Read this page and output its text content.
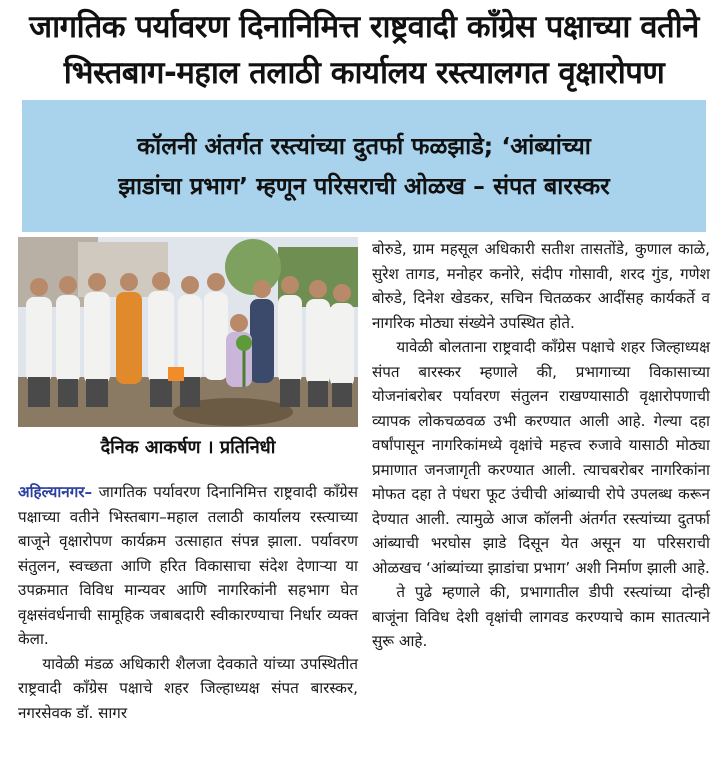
जागतिक पर्यावरण दिनानिमित्त राष्ट्रवादी काँग्रेस पक्षाच्या वतीने
भिस्तबाग-महाल तलाठी कार्यालय रस्त्यालगत वृक्षारोपण
कॉलनी अंतर्गत रस्त्यांच्या दुतर्फा फळझाडे; ‘आंब्यांच्या
झाडांचा प्रभाग’ म्हणून परिसराची ओळख – संपत बारस्कर
दैनिक आकर्षण । प्रतिनिधी

अहिल्यानगर– जागतिक पर्यावरण दिनानिमित्त राष्ट्रवादी काँग्रेस पक्षाच्या वतीने भिस्तबाग–महाल तलाठी कार्यालय रस्त्याच्या बाजूने वृक्षारोपण कार्यक्रम उत्साहात संपन्न झाला. पर्यावरण संतुलन, स्वच्छता आणि हरित विकासाचा संदेश देणाऱ्या या उपक्रमात विविध मान्यवर आणि नागरिकांनी सहभाग घेत वृक्षसंवर्धनाची सामूहिक जबाबदारी स्वीकारण्याचा निर्धार व्यक्त केला.

यावेळी मंडळ अधिकारी शैलजा देवकाते यांच्या उपस्थितीत राष्ट्रवादी काँग्रेस पक्षाचे शहर जिल्हाध्यक्ष संपत बारस्कर, नगरसेवक डॉ. सागर

बोरुडे, ग्राम महसूल अधिकारी सतीश तासतोंडे, कुणाल काळे, सुरेश तागड, मनोहर कनोरे, संदीप गोसावी, शरद गुंड, गणेश बोरुडे, दिनेश खेडकर, सचिन चितळकर आदींसह कार्यकर्ते व नागरिक मोठ्या संख्येने उपस्थित होते.

यावेळी बोलताना राष्ट्रवादी काँग्रेस पक्षाचे शहर जिल्हाध्यक्ष संपत बारस्कर म्हणाले की, प्रभागाच्या विकासाच्या योजनांबरोबर पर्यावरण संतुलन राखण्यासाठी वृक्षारोपणाची व्यापक लोकचळवळ उभी करण्यात आली आहे. गेल्या दहा वर्षांपासून नागरिकांमध्ये वृक्षांचे महत्त्व रुजावे यासाठी मोठ्या प्रमाणात जनजागृती करण्यात आली. त्याचबरोबर नागरिकांना मोफत दहा ते पंधरा फूट उंचीची आंब्याची रोपे उपलब्ध करून देण्यात आली. त्यामुळे आज कॉलनी अंतर्गत रस्त्यांच्या दुतर्फा आंब्याची भरघोस झाडे दिसून येत असून या परिसराची ओळखच ‘आंब्यांच्या झाडांचा प्रभाग’ अशी निर्माण झाली आहे.

ते पुढे म्हणाले की, प्रभागातील डीपी रस्त्यांच्या दोन्ही बाजूंना विविध देशी वृक्षांची लागवड करण्याचे काम सातत्याने सुरू आहे.
